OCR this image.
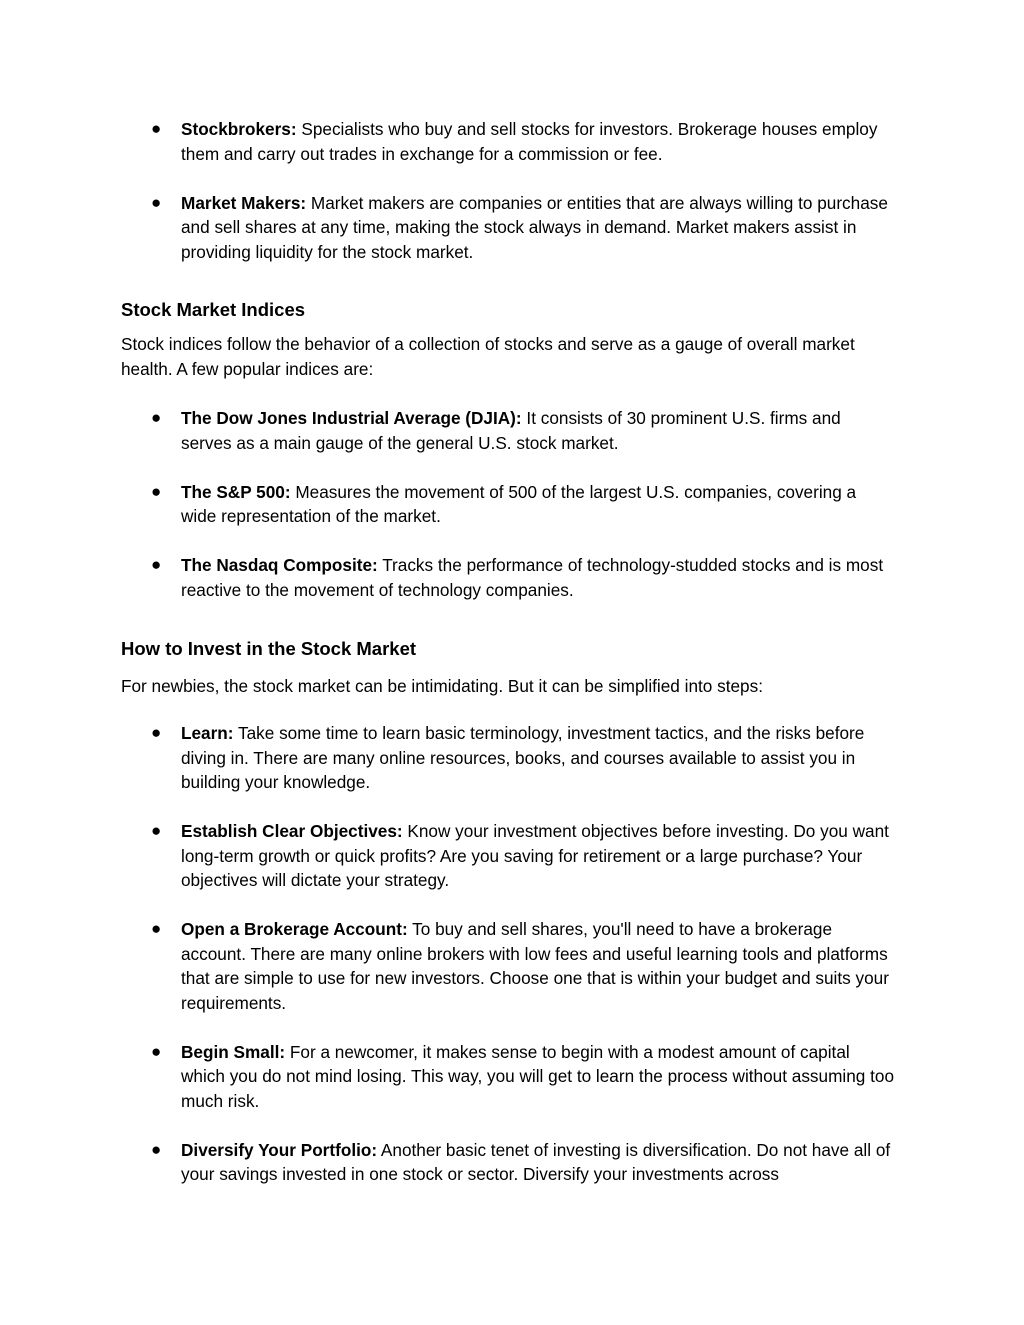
● Stockbrokers: Specialists who buy and sell stocks for investors. Brokerage houses employ them and carry out trades in exchange for a commission or fee.
● Market Makers: Market makers are companies or entities that are always willing to purchase and sell shares at any time, making the stock always in demand. Market makers assist in providing liquidity for the stock market.
Stock Market Indices

Stock indices follow the behavior of a collection of stocks and serve as a gauge of overall market health. A few popular indices are:

● The Dow Jones Industrial Average (DJIA): It consists of 30 prominent U.S. firms and serves as a main gauge of the general U.S. stock market.
● The S&P 500: Measures the movement of 500 of the largest U.S. companies, covering a wide representation of the market.
● The Nasdaq Composite: Tracks the performance of technology-studded stocks and is most reactive to the movement of technology companies.
How to Invest in the Stock Market

For newbies, the stock market can be intimidating. But it can be simplified into steps:

● Learn: Take some time to learn basic terminology, investment tactics, and the risks before diving in. There are many online resources, books, and courses available to assist you in building your knowledge.
● Establish Clear Objectives: Know your investment objectives before investing. Do you want long-term growth or quick profits? Are you saving for retirement or a large purchase? Your objectives will dictate your strategy.
● Open a Brokerage Account: To buy and sell shares, you'll need to have a brokerage account. There are many online brokers with low fees and useful learning tools and platforms that are simple to use for new investors. Choose one that is within your budget and suits your requirements.
● Begin Small: For a newcomer, it makes sense to begin with a modest amount of capital which you do not mind losing. This way, you will get to learn the process without assuming too much risk.
● Diversify Your Portfolio: Another basic tenet of investing is diversification. Do not have all of your savings invested in one stock or sector. Diversify your investments across
